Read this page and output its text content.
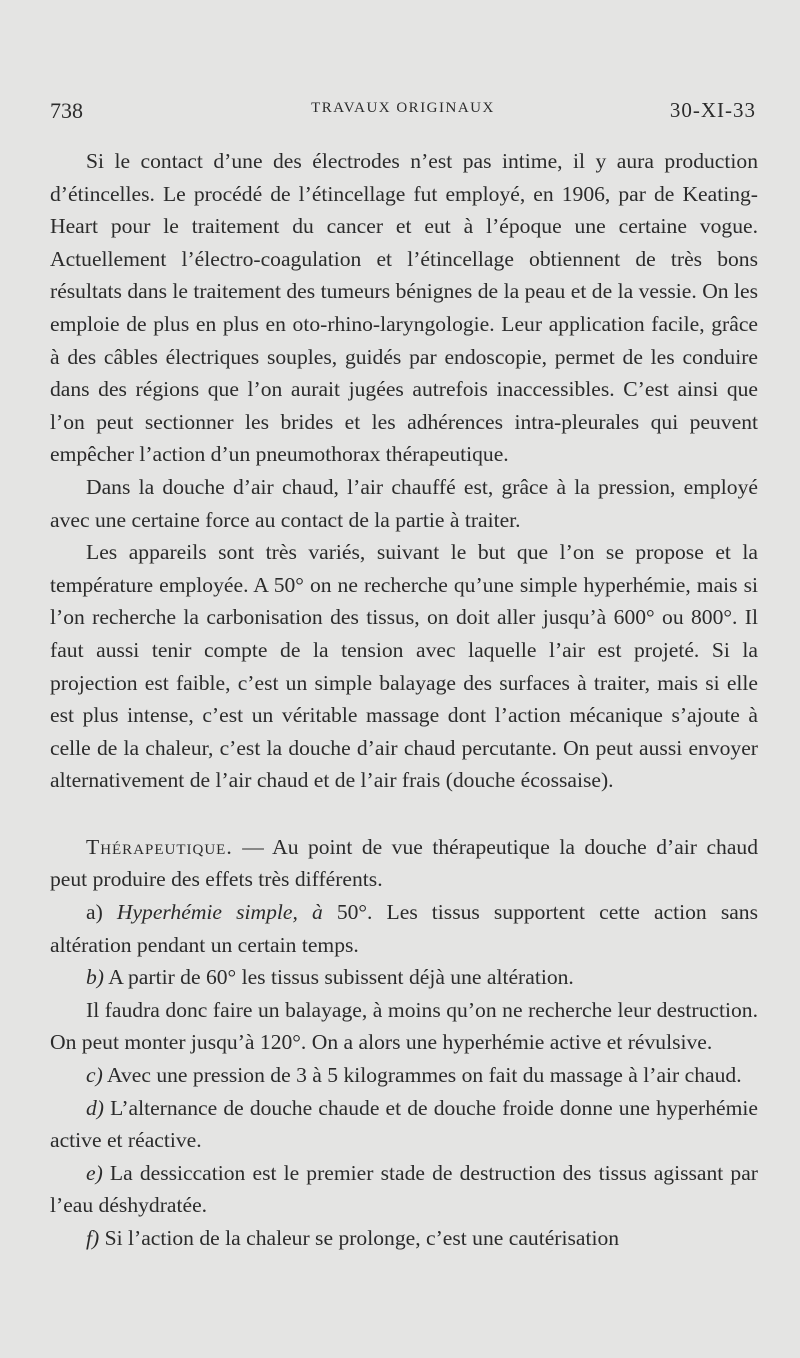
738	TRAVAUX ORIGINAUX	30-XI-33

Si le contact d’une des électrodes n’est pas intime, il y aura production d’étincelles. Le procédé de l’étincellage fut employé, en 1906, par de Keating-Heart pour le traitement du cancer et eut à l’époque une certaine vogue. Actuellement l’électro-coagulation et l’étincellage obtiennent de très bons résultats dans le traitement des tumeurs bénignes de la peau et de la vessie. On les emploie de plus en plus en oto-rhino-laryngologie. Leur application facile, grâce à des câbles électriques souples, guidés par endoscopie, permet de les conduire dans des régions que l’on aurait jugées autrefois inaccessibles. C’est ainsi que l’on peut sectionner les brides et les adhérences intra-pleurales qui peuvent empêcher l’action d’un pneumothorax thérapeutique.

Dans la douche d’air chaud, l’air chauffé est, grâce à la pression, employé avec une certaine force au contact de la partie à traiter.

Les appareils sont très variés, suivant le but que l’on se propose et la température employée. A 50° on ne recherche qu’une simple hyperhémie, mais si l’on recherche la carbonisation des tissus, on doit aller jusqu’à 600° ou 800°. Il faut aussi tenir compte de la tension avec laquelle l’air est projeté. Si la projection est faible, c’est un simple balayage des surfaces à traiter, mais si elle est plus intense, c’est un véritable massage dont l’action mécanique s’ajoute à celle de la chaleur, c’est la douche d’air chaud percutante. On peut aussi envoyer alternativement de l’air chaud et de l’air frais (douche écossaise).

Thérapeutique. — Au point de vue thérapeutique la douche d’air chaud peut produire des effets très différents.

a) Hyperhémie simple, à 50°. Les tissus supportent cette action sans altération pendant un certain temps.

b) A partir de 60° les tissus subissent déjà une altération.

Il faudra donc faire un balayage, à moins qu’on ne recherche leur destruction. On peut monter jusqu’à 120°. On a alors une hyperhémie active et révulsive.

c) Avec une pression de 3 à 5 kilogrammes on fait du massage à l’air chaud.

d) L’alternance de douche chaude et de douche froide donne une hyperhémie active et réactive.

e) La dessiccation est le premier stade de destruction des tissus agissant par l’eau déshydratée.

f) Si l’action de la chaleur se prolonge, c’est une cautérisation
